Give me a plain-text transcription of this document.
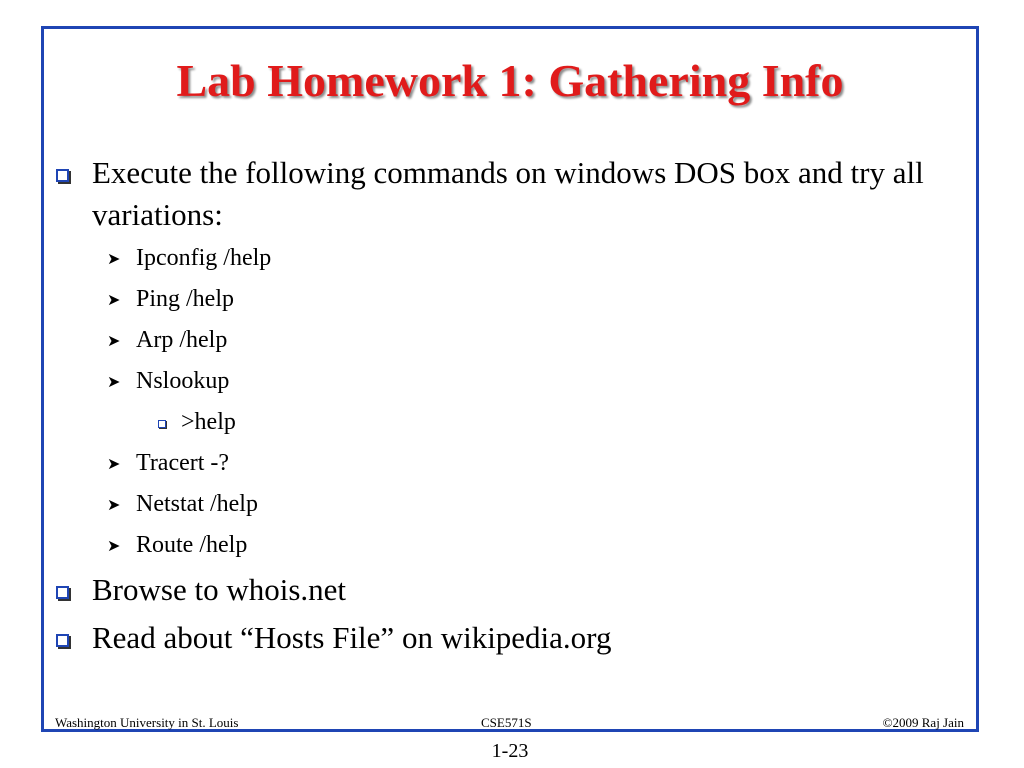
Lab Homework 1: Gathering Info
Execute the following commands on windows DOS box and try all variations:
➤ Ipconfig /help
➤ Ping /help
➤ Arp /help
➤ Nslookup
>help
➤ Tracert -?
➤ Netstat /help
➤ Route /help
Browse to whois.net
Read about “Hosts File” on wikipedia.org
Washington University in St. Louis	CSE571S	©2009 Raj Jain
1-23
